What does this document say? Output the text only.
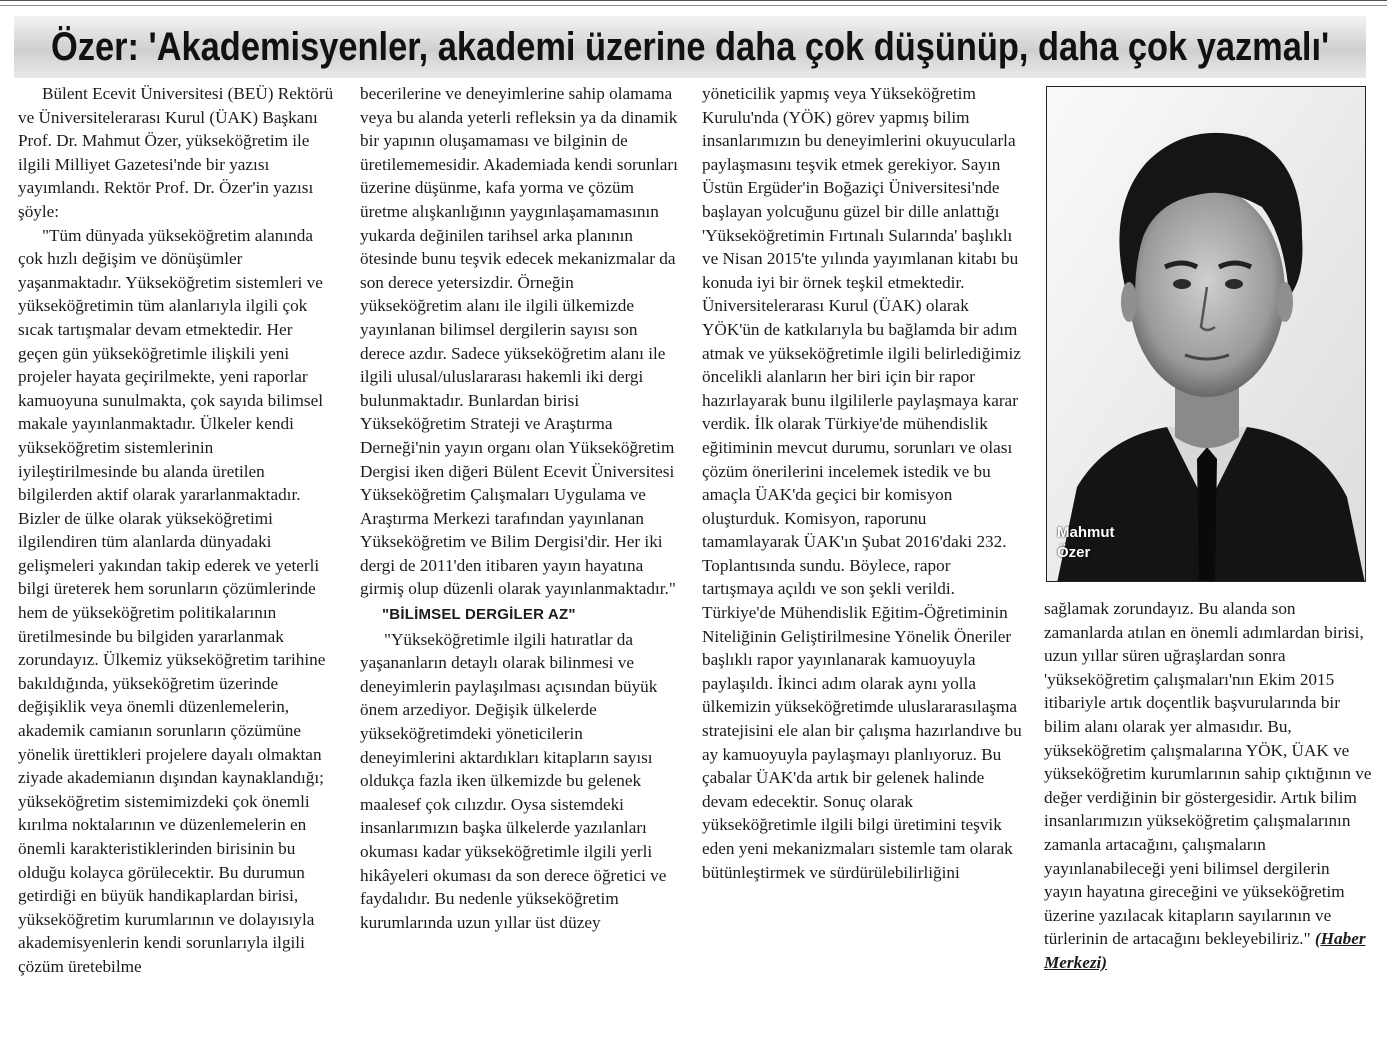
Özer: 'Akademisyenler, akademi üzerine daha çok düşünüp, daha çok yazmalı'

Bülent Ecevit Üniversitesi (BEÜ) Rektörü ve Üniversitelerarası Kurul (ÜAK) Başkanı Prof. Dr. Mahmut Özer, yükseköğretim ile ilgili Milliyet Gazetesi'nde bir yazısı yayımlandı. Rektör Prof. Dr. Özer'in yazısı şöyle:

"Tüm dünyada yükseköğretim alanında çok hızlı değişim ve dönüşümler yaşanmaktadır. Yükseköğretim sistemleri ve yükseköğretimin tüm alanlarıyla ilgili çok sıcak tartışmalar devam etmektedir. Her geçen gün yükseköğretimle ilişkili yeni projeler hayata geçirilmekte, yeni raporlar kamuoyuna sunulmakta, çok sayıda bilimsel makale yayınlanmaktadır. Ülkeler kendi yükseköğretim sistemlerinin iyileştirilmesinde bu alanda üretilen bilgilerden aktif olarak yararlanmaktadır. Bizler de ülke olarak yükseköğretimi ilgilendiren tüm alanlarda dünyadaki gelişmeleri yakından takip ederek ve yeterli bilgi üreterek hem sorunların çözümlerinde hem de yükseköğretim politikalarının üretilmesinde bu bilgiden yararlanmak zorundayız. Ülkemiz yükseköğretim tarihine bakıldığında, yükseköğretim üzerinde değişiklik veya önemli düzenlemelerin, akademik camianın sorunların çözümüne yönelik ürettikleri projelere dayalı olmaktan ziyade akademianın dışından kaynaklandığı; yükseköğretim sistemimizdeki çok önemli kırılma noktalarının ve düzenlemelerin en önemli karakteristiklerinden birisinin bu olduğu kolayca görülecektir. Bu durumun getirdiği en büyük handikaplardan birisi, yükseköğretim kurumlarının ve dolayısıyla akademisyenlerin kendi sorunlarıyla ilgili çözüm üretebilme

becerilerine ve deneyimlerine sahip olamama veya bu alanda yeterli refleksin ya da dinamik bir yapının oluşamaması ve bilginin de üretilememesidir. Akademiada kendi sorunları üzerine düşünme, kafa yorma ve çözüm üretme alışkanlığının yaygınlaşamamasının yukarda değinilen tarihsel arka planının ötesinde bunu teşvik edecek mekanizmalar da son derece yetersizdir. Örneğin yükseköğretim alanı ile ilgili ülkemizde yayınlanan bilimsel dergilerin sayısı son derece azdır. Sadece yükseköğretim alanı ile ilgili ulusal/uluslararası hakemli iki dergi bulunmaktadır. Bunlardan birisi Yükseköğretim Strateji ve Araştırma Derneği'nin yayın organı olan Yükseköğretim Dergisi iken diğeri Bülent Ecevit Üniversitesi Yükseköğretim Çalışmaları Uygulama ve Araştırma Merkezi tarafından yayınlanan Yükseköğretim ve Bilim Dergisi'dir. Her iki dergi de 2011'den itibaren yayın hayatına girmiş olup düzenli olarak yayınlanmaktadır."

"BİLİMSEL DERGİLER AZ"

"Yükseköğretimle ilgili hatıratlar da yaşananların detaylı olarak bilinmesi ve deneyimlerin paylaşılması açısından büyük önem arzediyor. Değişik ülkelerde yükseköğretimdeki yöneticilerin deneyimlerini aktardıkları kitapların sayısı oldukça fazla iken ülkemizde bu gelenek maalesef çok cılızdır. Oysa sistemdeki insanlarımızın başka ülkelerde yazılanları okuması kadar yükseköğretimle ilgili yerli hikâyeleri okuması da son derece öğretici ve faydalıdır. Bu nedenle yükseköğretim kurumlarında uzun yıllar üst düzey

yöneticilik yapmış veya Yükseköğretim Kurulu'nda (YÖK) görev yapmış bilim insanlarımızın bu deneyimlerini okuyucularla paylaşmasını teşvik etmek gerekiyor. Sayın Üstün Ergüder'in Boğaziçi Üniversitesi'nde başlayan yolcuğunu güzel bir dille anlattığı 'Yükseköğretimin Fırtınalı Sularında' başlıklı ve Nisan 2015'te yılında yayımlanan kitabı bu konuda iyi bir örnek teşkil etmektedir. Üniversitelerarası Kurul (ÜAK) olarak YÖK'ün de katkılarıyla bu bağlamda bir adım atmak ve yükseköğretimle ilgili belirlediğimiz öncelikli alanların her biri için bir rapor hazırlayarak bunu ilgililerle paylaşmaya karar verdik. İlk olarak Türkiye'de mühendislik eğitiminin mevcut durumu, sorunları ve olası çözüm önerilerini incelemek istedik ve bu amaçla ÜAK'da geçici bir komisyon oluşturduk. Komisyon, raporunu tamamlayarak ÜAK'ın Şubat 2016'daki 232. Toplantısında sundu. Böylece, rapor tartışmaya açıldı ve son şekli verildi. Türkiye'de Mühendislik Eğitim-Öğretiminin Niteliğinin Geliştirilmesine Yönelik Öneriler başlıklı rapor yayınlanarak kamuoyuyla paylaşıldı. İkinci adım olarak aynı yolla ülkemizin yükseköğretimde uluslararasılaşma stratejisini ele alan bir çalışma hazırlandıve bu ay kamuoyuyla paylaşmayı planlıyoruz. Bu çabalar ÜAK'da artık bir gelenek halinde devam edecektir. Sonuç olarak yükseköğretimle ilgili bilgi üretimini teşvik eden yeni mekanizmaları sistemle tam olarak bütünleştirmek ve sürdürülebilirliğini

sağlamak zorundayız. Bu alanda son zamanlarda atılan en önemli adımlardan birisi, uzun yıllar süren uğraşlardan sonra 'yükseköğretim çalışmaları'nın Ekim 2015 itibariyle artık doçentlik başvurularında bir bilim alanı olarak yer almasıdır. Bu, yükseköğretim çalışmalarına YÖK, ÜAK ve yükseköğretim kurumlarının sahip çıktığının ve değer verdiğinin bir göstergesidir. Artık bilim insanlarımızın yükseköğretim çalışmalarının zamanla artacağını, çalışmaların yayınlanabileceği yeni bilimsel dergilerin yayın hayatına gireceğini ve yükseköğretim üzerine yazılacak kitapların sayılarının ve türlerinin de artacağını bekleyebiliriz." (Haber Merkezi)

Mahmut
Özer
